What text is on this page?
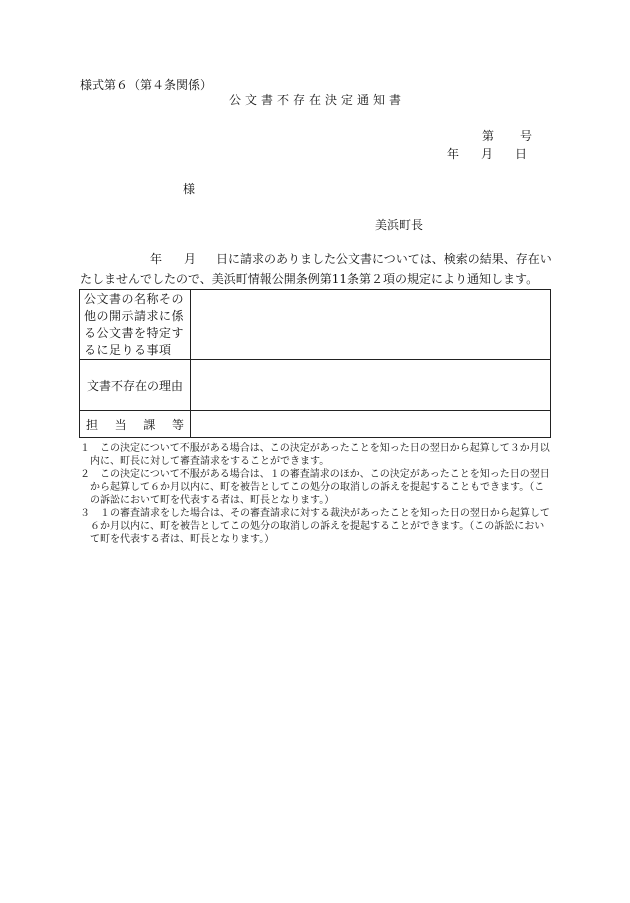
様式第６（第４条関係）
公文書不存在決定通知書
第 号
年 月 日
様
美浜町長
年 月 日に請求のありました公文書については、検索の結果、存在い
たしませんでしたので、美浜町情報公開条例第11条第２項の規定により通知します。
公文書の名称その他の開示請求に係る公文書を特定するに足りる事項	

文書不存在の理由	

担 当 課 等	

１　この決定について不服がある場合は、この決定があったことを知った日の翌日から起算して３か月以
内に、町長に対して審査請求をすることができます。
２　この決定について不服がある場合は、１の審査請求のほか、この決定があったことを知った日の翌日
から起算して６か月以内に、町を被告としてこの処分の取消しの訴えを提起することもできます。（こ
の訴訟において町を代表する者は、町長となります。）
３　１の審査請求をした場合は、その審査請求に対する裁決があったことを知った日の翌日から起算して
６か月以内に、町を被告としてこの処分の取消しの訴えを提起することができます。（この訴訟におい
て町を代表する者は、町長となります。）
